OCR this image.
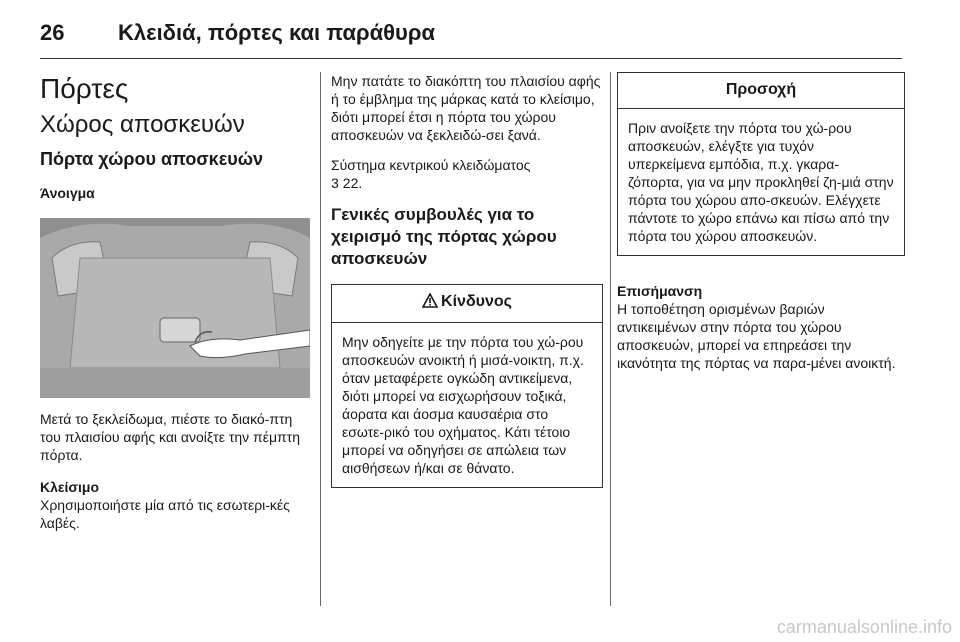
26 Κλειδιά, πόρτες και παράθυρα
Πόρτες
Χώρος αποσκευών
Πόρτα χώρου αποσκευών
Άνοιγμα

Μετά το ξεκλείδωμα, πιέστε το διακό-πτη του πλαισίου αφής και ανοίξτε την πέμπτη πόρτα.

Κλείσιμο

Χρησιμοποιήστε μία από τις εσωτερι-κές λαβές.

Μην πατάτε το διακόπτη του πλαισίου αφής ή το έμβλημα της μάρκας κατά το κλείσιμο, διότι μπορεί έτσι η πόρτα του χώρου αποσκευών να ξεκλειδώ-σει ξανά.

Σύστημα κεντρικού κλειδώματος

3 22.

Γενικές συμβουλές για το χειρισμό της πόρτας χώρου αποσκευών
Κίνδυνος
Μην οδηγείτε με την πόρτα του χώ-ρου αποσκευών ανοικτή ή μισά-νοικτη, π.χ. όταν μεταφέρετε ογκώδη αντικείμενα, διότι μπορεί να εισχωρήσουν τοξικά, άορατα και άοσμα καυσαέρια στο εσωτε-ρικό του οχήματος. Κάτι τέτοιο μπορεί να οδηγήσει σε απώλεια των αισθήσεων ή/και σε θάνατο.
Προσοχή
Πριν ανοίξετε την πόρτα του χώ-ρου αποσκευών, ελέγξτε για τυχόν υπερκείμενα εμπόδια, π.χ. γκαρα-ζόπορτα, για να μην προκληθεί ζη-μιά στην πόρτα του χώρου απο-σκευών. Ελέγχετε πάντοτε το χώρο επάνω και πίσω από την πόρτα του χώρου αποσκευών.
Επισήμανση

Η τοποθέτηση ορισμένων βαριών αντικειμένων στην πόρτα του χώρου αποσκευών, μπορεί να επηρεάσει την ικανότητα της πόρτας να παρα-μένει ανοικτή.

carmanualsonline.info
